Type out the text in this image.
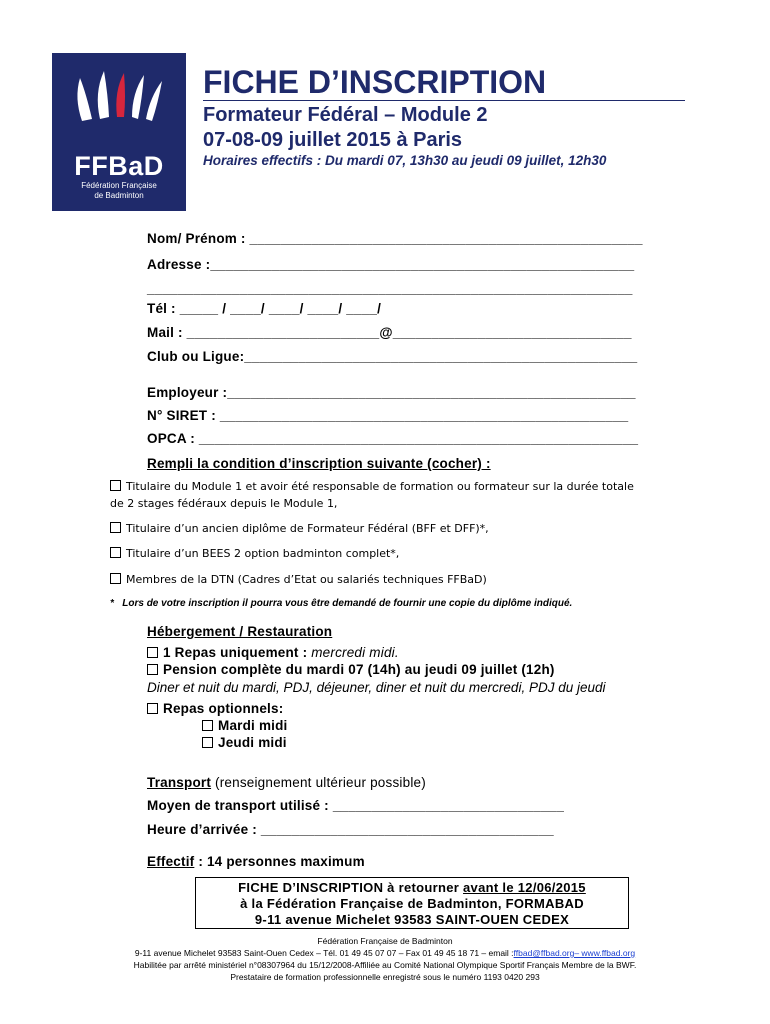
FFBaD
Fédération Française
de Badminton
FICHE D’INSCRIPTION
Formateur Fédéral – Module 2
07-08-09 juillet 2015 à Paris
Horaires effectifs : Du mardi 07, 13h30 au jeudi 09 juillet, 12h30
Nom/ Prénom : ___________________________________________________
Adresse :_______________________________________________________
_______________________________________________________________
Tél : _____ / ____/ ____/ ____/ ____/
Mail : _________________________@_______________________________
Club ou Ligue:___________________________________________________
Employeur :_____________________________________________________
N° SIRET : _____________________________________________________
OPCA : _________________________________________________________
Rempli la condition d’inscription suivante (cocher) :
Titulaire du Module 1 et avoir été responsable de formation ou formateur sur la durée totale
de 2 stages fédéraux depuis le Module 1,
Titulaire d’un ancien diplôme de Formateur Fédéral (BFF et DFF)*,
Titulaire d’un BEES 2 option badminton complet*,
Membres de la DTN (Cadres d’Etat ou salariés techniques FFBaD)
* Lors de votre inscription il pourra vous être demandé de fournir une copie du diplôme indiqué.
Hébergement / Restauration
1 Repas uniquement : mercredi midi.
Pension complète du mardi 07 (14h) au jeudi 09 juillet (12h)
Diner et nuit du mardi, PDJ, déjeuner, diner et nuit du mercredi, PDJ du jeudi
Repas optionnels:
Mardi midi
Jeudi midi
Transport (renseignement ultérieur possible)
Moyen de transport utilisé : ______________________________
Heure d’arrivée : ______________________________________
Effectif : 14 personnes maximum
FICHE D’INSCRIPTION à retourner avant le 12/06/2015
à la Fédération Française de Badminton, FORMABAD
9-11 avenue Michelet 93583 SAINT-OUEN CEDEX
Fédération Française de Badminton
9-11 avenue Michelet 93583 Saint-Ouen Cedex – Tél. 01 49 45 07 07 – Fax 01 49 45 18 71 – email :ffbad@ffbad.org– www.ffbad.org
Habilitée par arrêté ministériel n°08307964 du 15/12/2008-Affiliée au Comité National Olympique Sportif Français Membre de la BWF.
Prestataire de formation professionnelle enregistré sous le numéro 1193 0420 293
